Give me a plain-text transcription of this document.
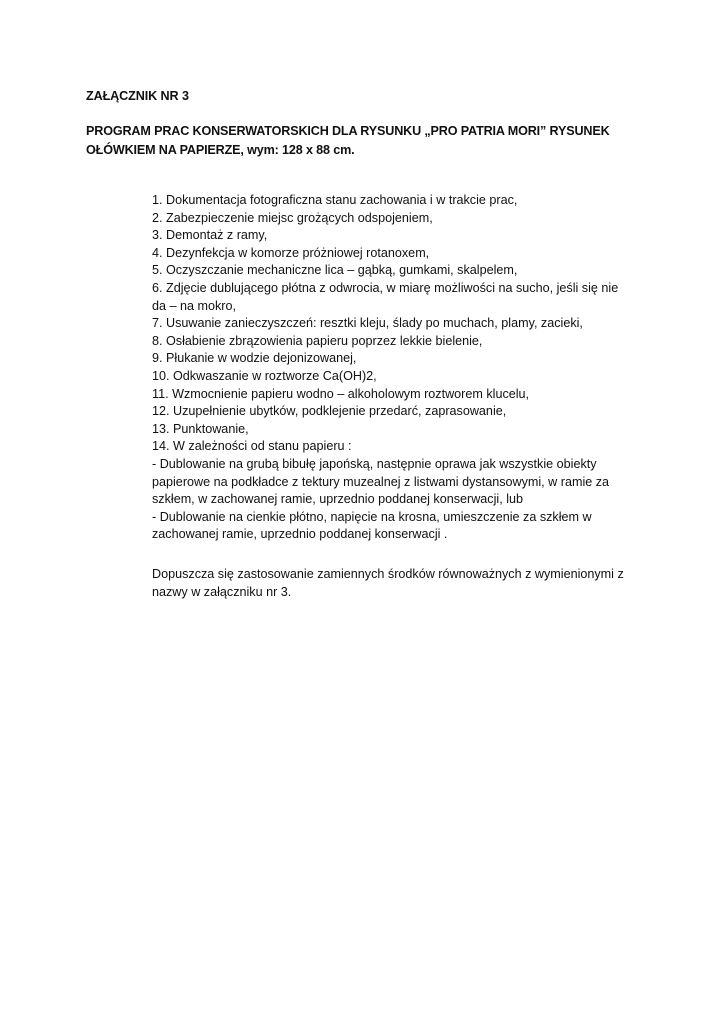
ZAŁĄCZNIK NR 3

PROGRAM PRAC KONSERWATORSKICH DLA RYSUNKU „PRO PATRIA MORI” RYSUNEK OŁÓWKIEM NA PAPIERZE, wym: 128 x 88 cm.

1. Dokumentacja fotograficzna stanu zachowania i w trakcie prac,
2. Zabezpieczenie miejsc grożących odspojeniem,
3. Demontaż z ramy,
4. Dezynfekcja w komorze próżniowej rotanoxem,
5. Oczyszczanie mechaniczne lica – gąbką, gumkami, skalpelem,
6. Zdjęcie dublującego płótna z odwrocia, w miarę możliwości na sucho, jeśli się nie da – na mokro,
7. Usuwanie zanieczyszczeń: resztki kleju, ślady po muchach, plamy, zacieki,
8. Osłabienie zbrązowienia papieru poprzez lekkie bielenie,
9. Płukanie w wodzie dejonizowanej,
10. Odkwaszanie w roztworze Ca(OH)2,
11. Wzmocnienie papieru wodno – alkoholowym roztworem klucelu,
12. Uzupełnienie ubytków, podklejenie przedarć, zaprasowanie,
13. Punktowanie,
14. W zależności od stanu papieru :
- Dublowanie na grubą bibułę japońską, następnie oprawa jak wszystkie obiekty papierowe na podkładce z tektury muzealnej z listwami dystansowymi, w ramie za szkłem, w zachowanej ramie, uprzednio poddanej konserwacji, lub
- Dublowanie na cienkie płótno, napięcie na krosna, umieszczenie za szkłem w zachowanej ramie, uprzednio poddanej konserwacji .

Dopuszcza się zastosowanie zamiennych środków równoważnych z wymienionymi z nazwy w załączniku nr 3.
